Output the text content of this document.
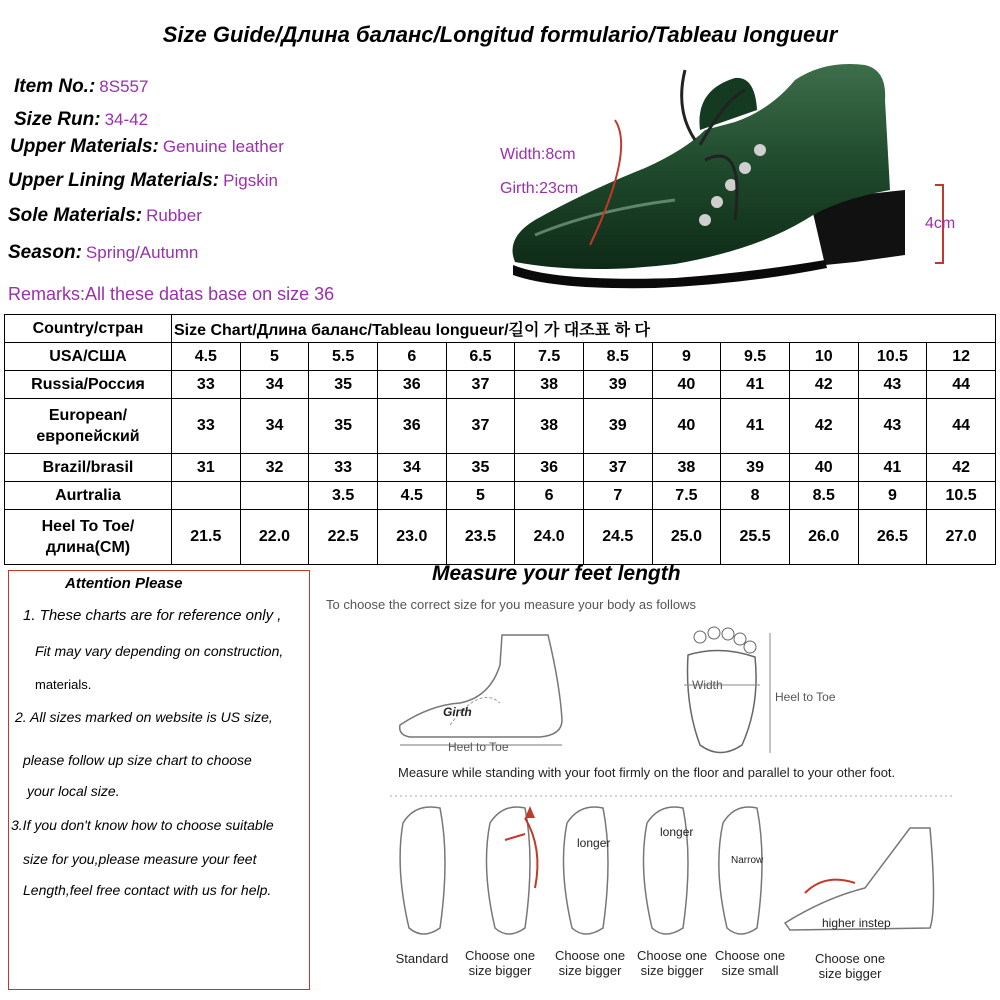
Size Guide/Длина баланс/Longitud formulario/Tableau longueur
Item No.: 8S557
Size Run: 34-42
Upper Materials: Genuine leather
Upper Lining Materials: Pigskin
Sole Materials: Rubber
Season: Spring/Autumn
Remarks:All these datas base on size 36
Width:8cm
Girth:23cm
4cm
Country/стран	Size Chart/Длина баланс/Tableau longueur/길이 가 대조표 하 다											
USA/США	4.5	5	5.5	6	6.5	7.5	8.5	9	9.5	10	10.5	12
Russia/Россия	33	34	35	36	37	38	39	40	41	42	43	44
European/европейский	33	34	35	36	37	38	39	40	41	42	43	44
Brazil/brasil	31	32	33	34	35	36	37	38	39	40	41	42
Aurtralia			3.5	4.5	5	6	7	7.5	8	8.5	9	10.5
Heel To Toe/длина(CM)	21.5	22.0	22.5	23.0	23.5	24.0	24.5	25.0	25.5	26.0	26.5	27.0
Attention Please
1. These charts are for reference only ,
Fit may vary depending on construction,
materials.
2. All sizes marked on website is US size,
please follow up size chart to choose
your local size.
3.If you don't know how to choose suitable
size for you,please measure your feet
Length,feel free contact with us for help.
Measure your feet length
To choose the correct size for you measure your body as follows
Girth
Heel to Toe
Width
Heel to Toe
Measure while standing with your foot firmly on the floor and parallel to your other foot.
longer
longer
Narrow
higher instep
Standard	Choose one size bigger
Choose one size bigger
Choose one size bigger
Choose one size small
Choose one size bigger
